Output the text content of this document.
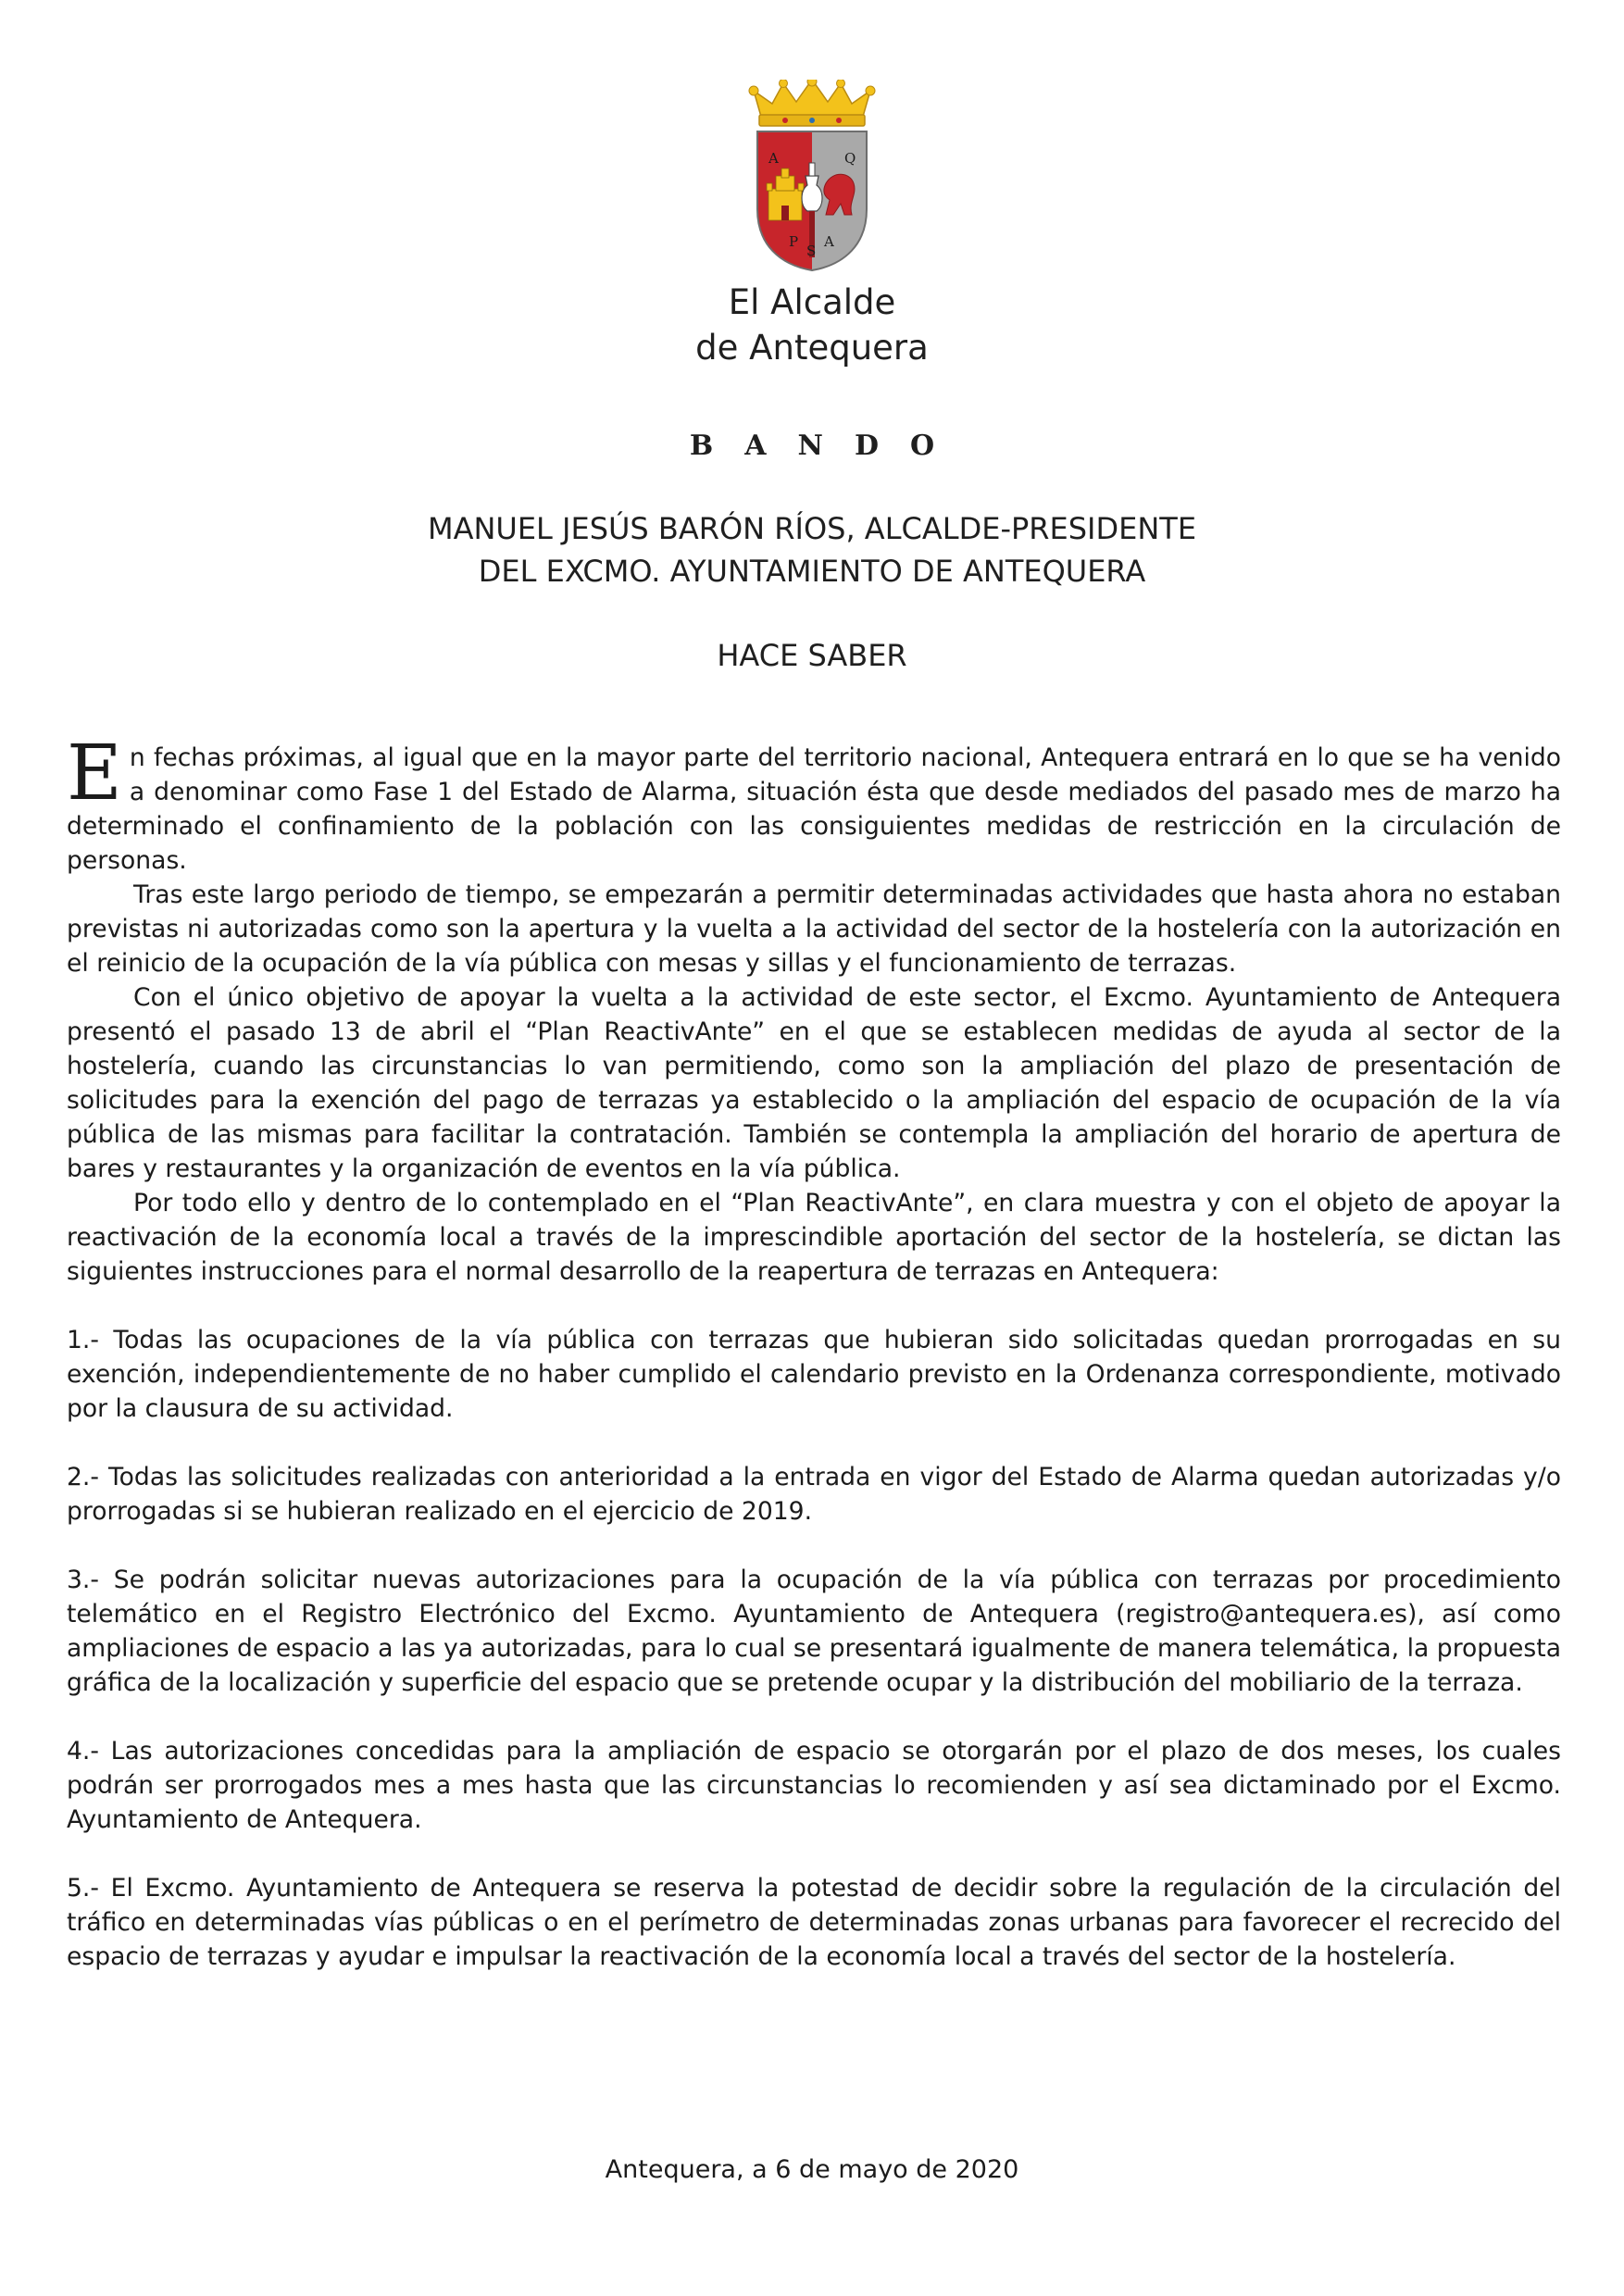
A	Q
P
S
A
El Alcalde
de Antequera
BANDO
MANUEL JESÚS BARÓN RÍOS, ALCALDE-PRESIDENTE
DEL EXCMO. AYUNTAMIENTO DE ANTEQUERA
HACE SABER

En fechas próximas, al igual que en la mayor parte del territorio nacional, Antequera entrará en lo que se ha venido a denominar como Fase 1 del Estado de Alarma, situación ésta que desde mediados del pasado mes de marzo ha determinado el confinamiento de la población con las consiguientes medidas de restricción en la circulación de personas.

Tras este largo periodo de tiempo, se empezarán a permitir determinadas actividades que hasta ahora no estaban previstas ni autorizadas como son la apertura y la vuelta a la actividad del sector de la hostelería con la autorización en el reinicio de la ocupación de la vía pública con mesas y sillas y el funcionamiento de terrazas.

Con el único objetivo de apoyar la vuelta a la actividad de este sector, el Excmo. Ayuntamiento de Antequera presentó el pasado 13 de abril el “Plan ReactivAnte” en el que se establecen medidas de ayuda al sector de la hostelería, cuando las circunstancias lo van permitiendo, como son la ampliación del plazo de presentación de solicitudes para la exención del pago de terrazas ya establecido o la ampliación del espacio de ocupación de la vía pública de las mismas para facilitar la contratación. También se contempla la ampliación del horario de apertura de bares y restaurantes y la organización de eventos en la vía pública.

Por todo ello y dentro de lo contemplado en el “Plan ReactivAnte”, en clara muestra y con el objeto de apoyar la reactivación de la economía local a través de la imprescindible aportación del sector de la hostelería, se dictan las siguientes instrucciones para el normal desarrollo de la reapertura de terrazas en Antequera:

1.- Todas las ocupaciones de la vía pública con terrazas que hubieran sido solicitadas quedan prorrogadas en su exención, independientemente de no haber cumplido el calendario previsto en la Ordenanza correspondiente, motivado por la clausura de su actividad.

2.- Todas las solicitudes realizadas con anterioridad a la entrada en vigor del Estado de Alarma quedan autorizadas y/o prorrogadas si se hubieran realizado en el ejercicio de 2019.

3.- Se podrán solicitar nuevas autorizaciones para la ocupación de la vía pública con terrazas por procedimiento telemático en el Registro Electrónico del Excmo. Ayuntamiento de Antequera (registro@antequera.es), así como ampliaciones de espacio a las ya autorizadas, para lo cual se presentará igualmente de manera telemática, la propuesta gráfica de la localización y superficie del espacio que se pretende ocupar y la distribución del mobiliario de la terraza.

4.- Las autorizaciones concedidas para la ampliación de espacio se otorgarán por el plazo de dos meses, los cuales podrán ser prorrogados mes a mes hasta que las circunstancias lo recomienden y así sea dictaminado por el Excmo. Ayuntamiento de Antequera.

5.- El Excmo. Ayuntamiento de Antequera se reserva la potestad de decidir sobre la regulación de la circulación del tráfico en determinadas vías públicas o en el perímetro de determinadas zonas urbanas para favorecer el recrecido del espacio de terrazas y ayudar e impulsar la reactivación de la economía local a través del sector de la hostelería.

Antequera, a 6 de mayo de 2020
